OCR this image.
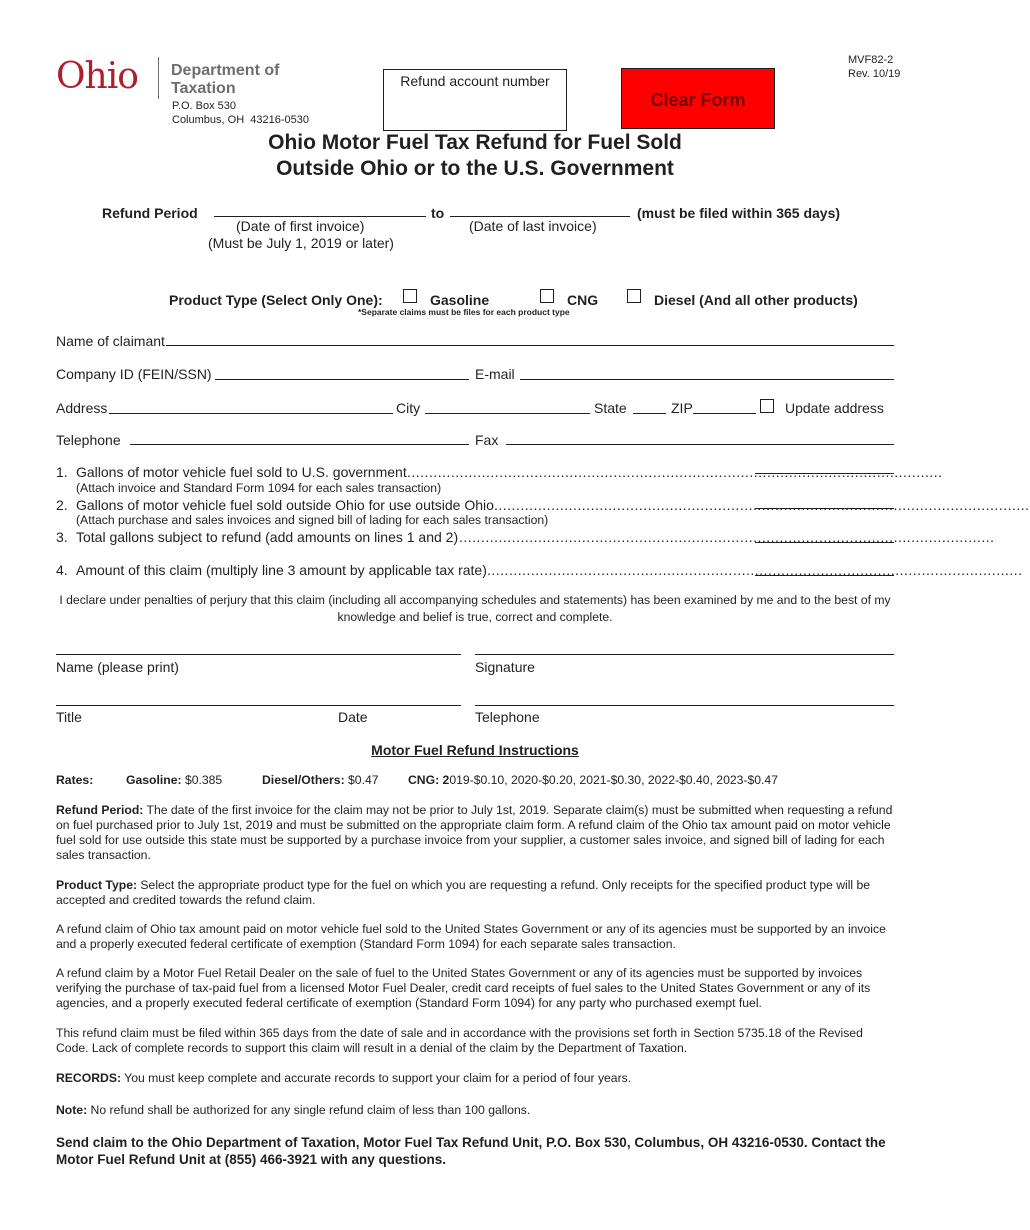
Ohio Department of
Taxation
P.O. Box 530
Columbus, OH  43216-0530
Refund account number
Clear Form
MVF82-2
Rev. 10/19
Ohio Motor Fuel Tax Refund for Fuel Sold
Outside Ohio or to the U.S. Government
Refund Period	to	(must be filed within 365 days)
(Date of first invoice)
(Must be July 1, 2019 or later)
(Date of last invoice)
Product Type (Select Only One):	Gasoline	CNG	Diesel (And all other products)
*Separate claims must be files for each product type
Name of claimant
Company ID (FEIN/SSN)	E-mail
Address	City	State	ZIP	Update address
Telephone	Fax
1. Gallons of motor vehicle fuel sold to U.S. government ..........................................................................................................................
(Attach invoice and Standard Form 1094 for each sales transaction)
2. Gallons of motor vehicle fuel sold outside Ohio for use outside Ohio ..........................................................................................................................
(Attach purchase and sales invoices and signed bill of lading for each sales transaction)
3. Total gallons subject to refund (add amounts on lines 1 and 2) ..........................................................................................................................
4. Amount of this claim (multiply line 3 amount by applicable tax rate) ..........................................................................................................................
I declare under penalties of perjury that this claim (including all accompanying schedules and statements) has been examined by me and to the best of my knowledge and belief is true, correct and complete.
Name (please print)	Signature
Title	Date	Telephone
Motor Fuel Refund Instructions
Rates:	Gasoline: $0.385	Diesel/Others: $0.47 CNG: 2019-$0.10, 2020-$0.20, 2021-$0.30, 2022-$0.40, 2023-$0.47
Refund Period: The date of the first invoice for the claim may not be prior to July 1st, 2019. Separate claim(s) must be submitted when requesting a refund on fuel purchased prior to July 1st, 2019 and must be submitted on the appropriate claim form. A refund claim of the Ohio tax amount paid on motor vehicle fuel sold for use outside this state must be supported by a purchase invoice from your supplier, a customer sales invoice, and signed bill of lading for each sales transaction.
Product Type: Select the appropriate product type for the fuel on which you are requesting a refund. Only receipts for the specified product type will be accepted and credited towards the refund claim.
A refund claim of Ohio tax amount paid on motor vehicle fuel sold to the United States Government or any of its agencies must be supported by an invoice and a properly executed federal certificate of exemption (Standard Form 1094) for each separate sales transaction.
A refund claim by a Motor Fuel Retail Dealer on the sale of fuel to the United States Government or any of its agencies must be supported by invoices verifying the purchase of tax-paid fuel from a licensed Motor Fuel Dealer, credit card receipts of fuel sales to the United States Government or any of its agencies, and a properly executed federal certificate of exemption (Standard Form 1094) for any party who purchased exempt fuel.
This refund claim must be filed within 365 days from the date of sale and in accordance with the provisions set forth in Section 5735.18 of the Revised Code. Lack of complete records to support this claim will result in a denial of the claim by the Department of Taxation.
RECORDS: You must keep complete and accurate records to support your claim for a period of four years.
Note: No refund shall be authorized for any single refund claim of less than 100 gallons.
Send claim to the Ohio Department of Taxation, Motor Fuel Tax Refund Unit, P.O. Box 530, Columbus, OH 43216-0530. Contact the Motor Fuel Refund Unit at (855) 466-3921 with any questions.
